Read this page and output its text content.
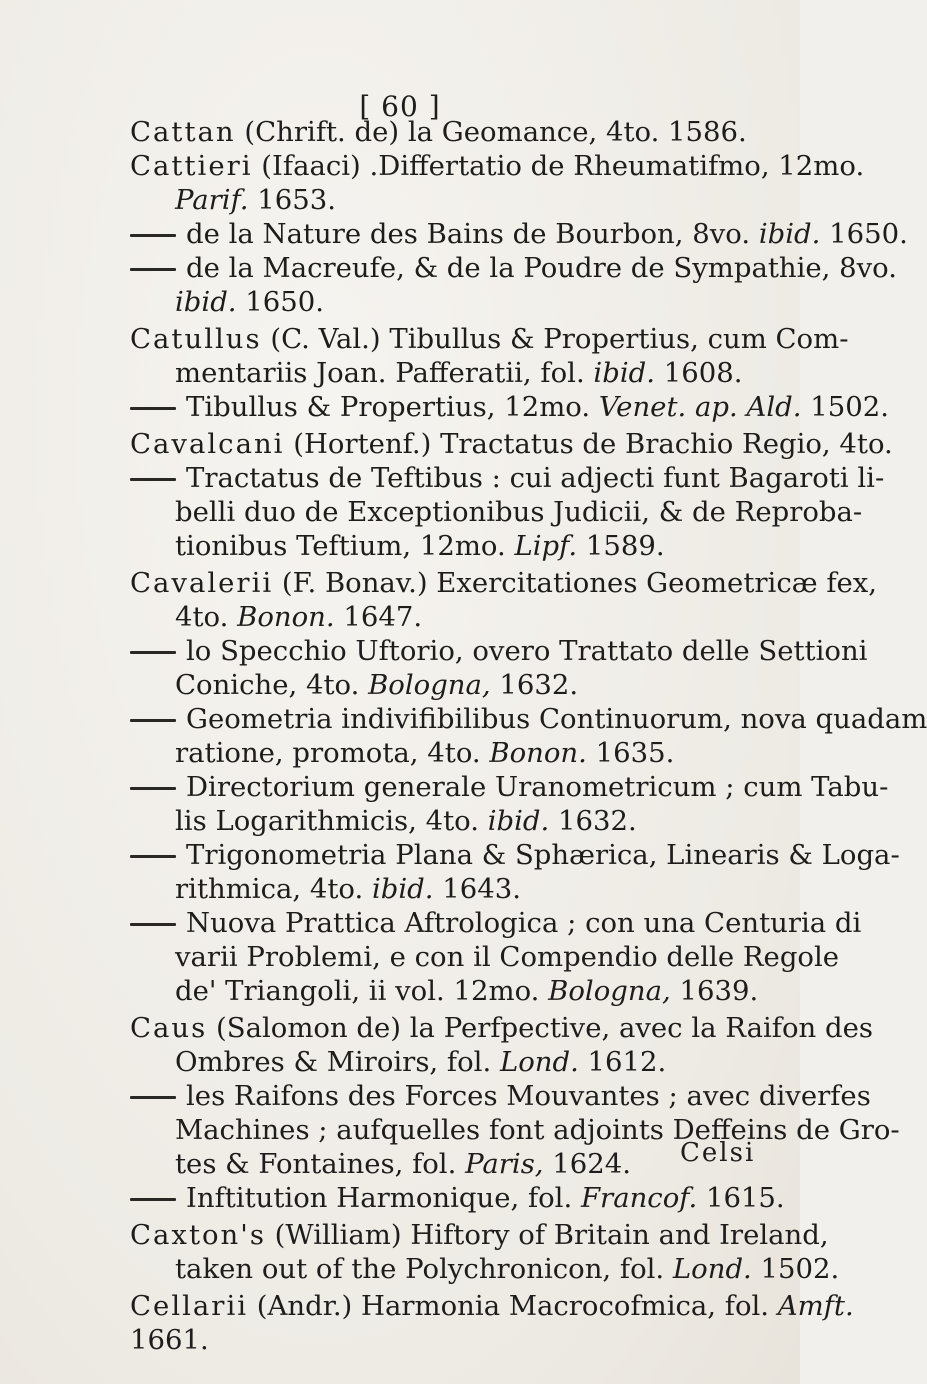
[ 60 ]
Cattan (Chrift. de) la Geomance, 4to. 1586.
Cattieri (Ifaaci) .Differtatio de Rheumatifmo, 12mo.
Parif. 1653.
de la Nature des Bains de Bourbon, 8vo. ibid. 1650.
de la Macreufe, & de la Poudre de Sympathie, 8vo.
ibid. 1650.
Catullus (C. Val.) Tibullus & Propertius, cum Com-
mentariis Joan. Pafferatii, fol. ibid. 1608.
Tibullus & Propertius, 12mo. Venet. ap. Ald. 1502.
Cavalcani (Hortenf.) Tractatus de Brachio Regio, 4to.
Tractatus de Teftibus : cui adjecti funt Bagaroti li-
belli duo de Exceptionibus Judicii, & de Reproba-
tionibus Teftium, 12mo. Lipf. 1589.
Cavalerii (F. Bonav.) Exercitationes Geometricæ fex,
4to. Bonon. 1647.
lo Specchio Uftorio, overo Trattato delle Settioni
Coniche, 4to. Bologna, 1632.
Geometria indivifibilibus Continuorum, nova quadam
ratione, promota, 4to. Bonon. 1635.
Directorium generale Uranometricum ; cum Tabu-
lis Logarithmicis, 4to. ibid. 1632.
Trigonometria Plana & Sphærica, Linearis & Loga-
rithmica, 4to. ibid. 1643.
Nuova Prattica Aftrologica ; con una Centuria di
varii Problemi, e con il Compendio delle Regole
de' Triangoli, ii vol. 12mo. Bologna, 1639.
Caus (Salomon de) la Perfpective, avec la Raifon des
Ombres & Miroirs, fol. Lond. 1612.
les Raifons des Forces Mouvantes ; avec diverfes
Machines ; aufquelles font adjoints Deffeins de Gro-
tes & Fontaines, fol. Paris, 1624.
Inftitution Harmonique, fol. Francof. 1615.
Caxton's (William) Hiftory of Britain and Ireland,
taken out of the Polychronicon, fol. Lond. 1502.
Cellarii (Andr.) Harmonia Macrocofmica, fol. Amft.
1661.
Celsi
